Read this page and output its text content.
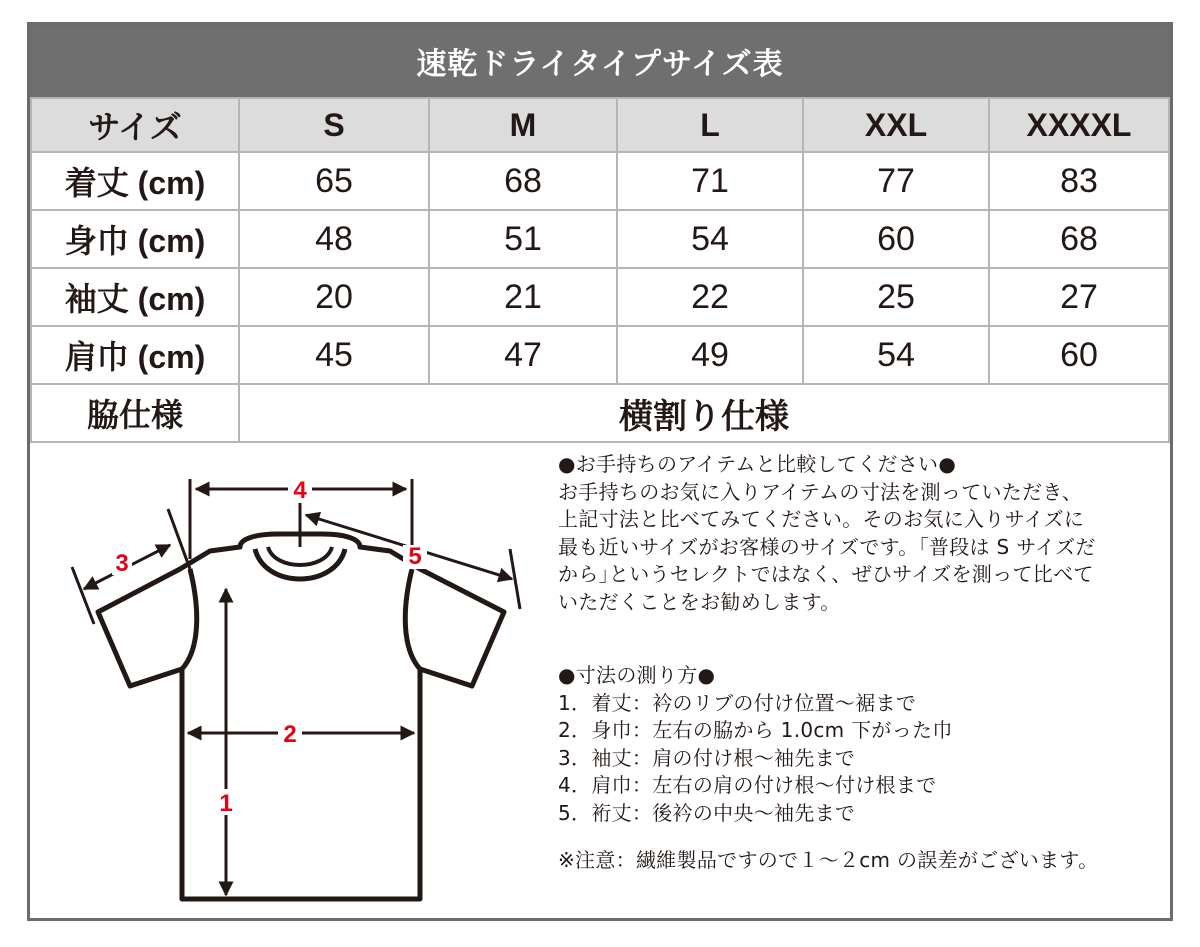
速乾ドライタイプサイズ表
サイズ	S	M	L	XXL	XXXXL
着丈 (cm)	65	68	71	77	83
身巾 (cm)	48	51	54	60	68
袖丈 (cm)	20	21	22	25	27
肩巾 (cm)	45	47	49	54	60
脇仕様	横割り仕様				
1
2
3
4
5

●お手持ちのアイテムと比較してください●

お手持ちのお気に入りアイテムの寸法を測っていただき、

上記寸法と比べてみてください。そのお気に入りサイズに

最も近いサイズがお客様のサイズです。｢普段は S サイズだ

から｣というセレクトではなく、ぜひサイズを測って比べて

いただくことをお勧めします。

●寸法の測り方●

1．着丈：衿のリブの付け位置～裾まで

2．身巾：左右の脇から 1.0cm 下がった巾

3．袖丈：肩の付け根～袖先まで

4．肩巾：左右の肩の付け根～付け根まで

5．裄丈：後衿の中央～袖先まで

※注意：繊維製品ですので１～２cm の誤差がございます。
